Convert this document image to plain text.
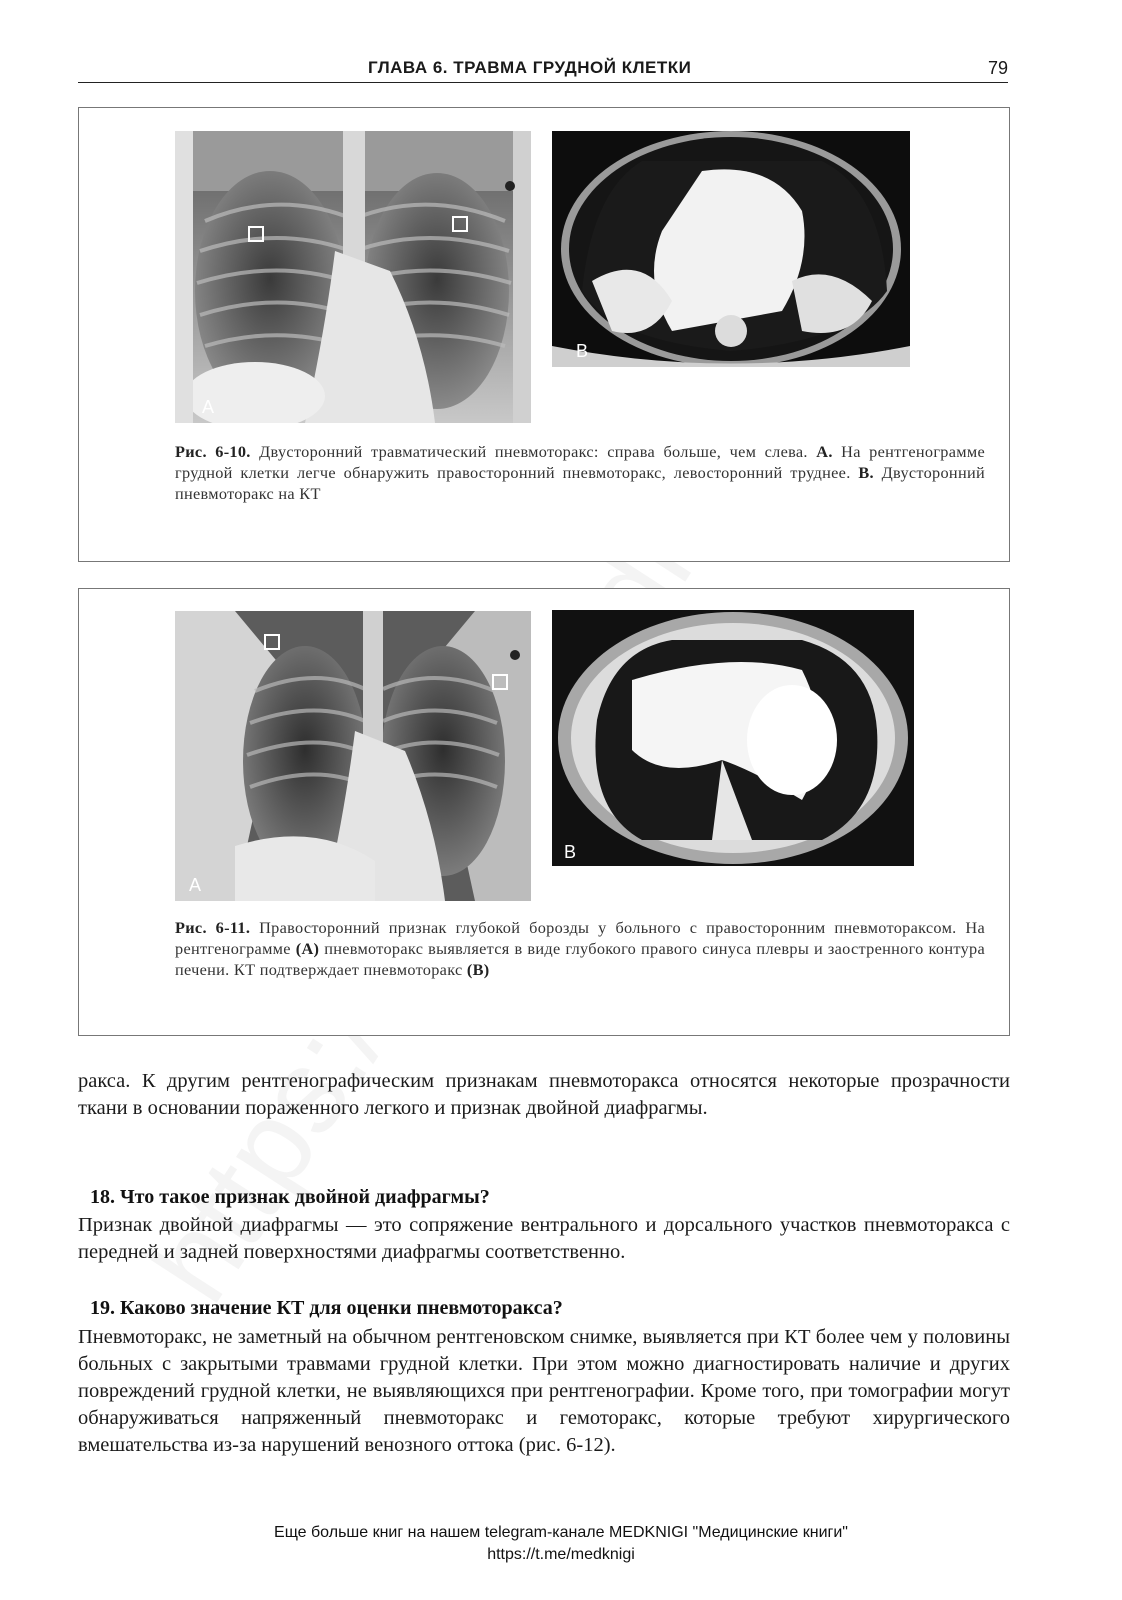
ГЛАВА 6. ТРАВМА ГРУДНОЙ КЛЕТКИ	79
A
B
Рис. 6-10. Двусторонний травматический пневмоторакс: справа больше, чем слева. A. На рентгенограмме грудной клетки легче обнаружить правосторонний пневмоторакс, левосторонний труднее. B. Двусторонний пневмоторакс на КТ
A
B
Рис. 6-11. Правосторонний признак глубокой борозды у больного с правосторонним пневмотораксом. На рентгенограмме (A) пневмоторакс выявляется в виде глубокого правого синуса плевры и заостренного контура печени. КТ подтверждает пневмоторакс (B)
ракса. К другим рентгенографическим признакам пневмоторакса относятся некоторые прозрачности ткани в основании пораженного легкого и признак двойной диафрагмы.
18. Что такое признак двойной диафрагмы?
Признак двойной диафрагмы — это сопряжение вентрального и дорсального участков пневмоторакса с передней и задней поверхностями диафрагмы соответственно.
19. Каково значение КТ для оценки пневмоторакса?
Пневмоторакс, не заметный на обычном рентгеновском снимке, выявляется при КТ более чем у половины больных с закрытыми травмами грудной клетки. При этом можно диагностировать наличие и других повреждений грудной клетки, не выявляющихся при рентгенографии. Кроме того, при томографии могут обнаруживаться напряженный пневмоторакс и гемоторакс, которые требуют хирургического вмешательства из-за нарушений венозного оттока (рис. 6-12).
Еще больше книг на нашем telegram-канале MEDKNIGI "Медицинские книги"
https://t.me/medknigi
